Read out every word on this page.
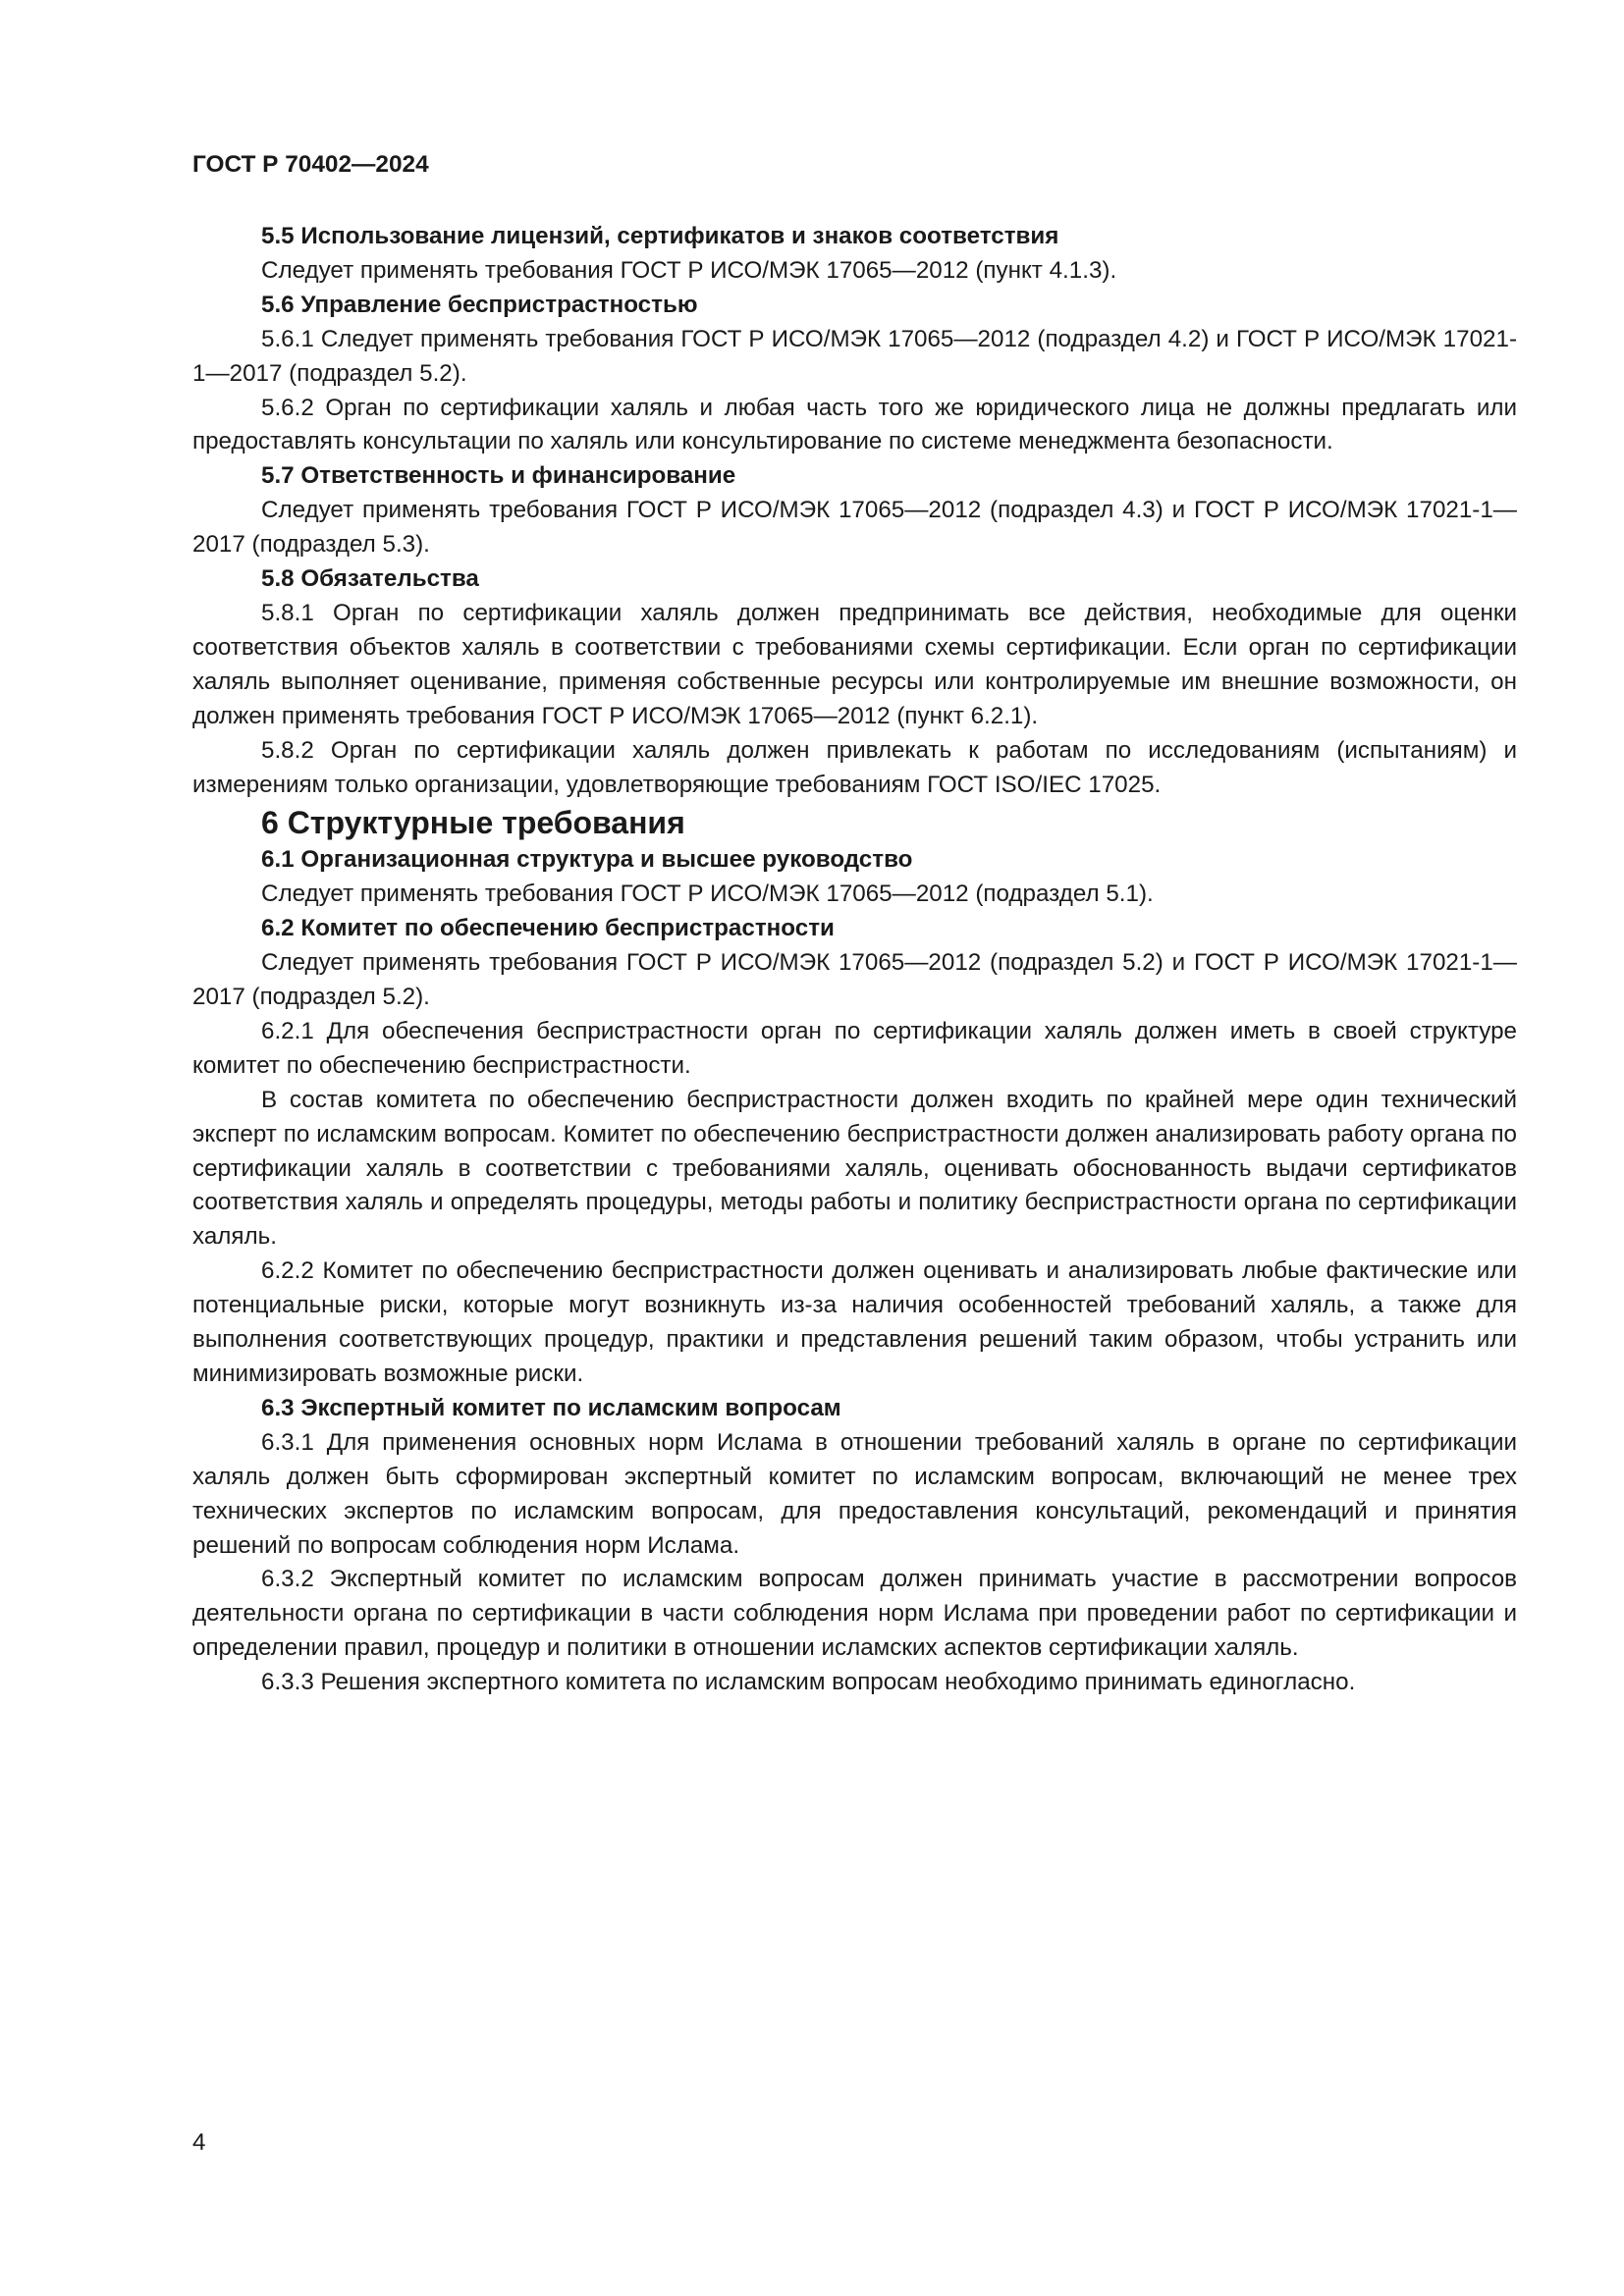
ГОСТ Р 70402—2024

5.5 Использование лицензий, сертификатов и знаков соответствия

Следует применять требования ГОСТ Р ИСО/МЭК 17065—2012 (пункт 4.1.3).

5.6 Управление беспристрастностью

5.6.1 Следует применять требования ГОСТ Р ИСО/МЭК 17065—2012 (подраздел 4.2) и ГОСТ Р ИСО/МЭК 17021-1—2017 (подраздел 5.2).

5.6.2 Орган по сертификации халяль и любая часть того же юридического лица не должны предлагать или предоставлять консультации по халяль или консультирование по системе менеджмента безопасности.

5.7 Ответственность и финансирование

Следует применять требования ГОСТ Р ИСО/МЭК 17065—2012 (подраздел 4.3) и ГОСТ Р ИСО/МЭК 17021-1—2017 (подраздел 5.3).

5.8 Обязательства

5.8.1 Орган по сертификации халяль должен предпринимать все действия, необходимые для оценки соответствия объектов халяль в соответствии с требованиями схемы сертификации. Если орган по сертификации халяль выполняет оценивание, применяя собственные ресурсы или контролируемые им внешние возможности, он должен применять требования ГОСТ Р ИСО/МЭК 17065—2012 (пункт 6.2.1).

5.8.2 Орган по сертификации халяль должен привлекать к работам по исследованиям (испытаниям) и измерениям только организации, удовлетворяющие требованиям ГОСТ ISO/IEC 17025.

6 Структурные требования
6.1 Организационная структура и высшее руководство

Следует применять требования ГОСТ Р ИСО/МЭК 17065—2012 (подраздел 5.1).

6.2 Комитет по обеспечению беспристрастности

Следует применять требования ГОСТ Р ИСО/МЭК 17065—2012 (подраздел 5.2) и ГОСТ Р ИСО/МЭК 17021-1—2017 (подраздел 5.2).

6.2.1 Для обеспечения беспристрастности орган по сертификации халяль должен иметь в своей структуре комитет по обеспечению беспристрастности.

В состав комитета по обеспечению беспристрастности должен входить по крайней мере один технический эксперт по исламским вопросам. Комитет по обеспечению беспристрастности должен анализировать работу органа по сертификации халяль в соответствии с требованиями халяль, оценивать обоснованность выдачи сертификатов соответствия халяль и определять процедуры, методы работы и политику беспристрастности органа по сертификации халяль.

6.2.2 Комитет по обеспечению беспристрастности должен оценивать и анализировать любые фактические или потенциальные риски, которые могут возникнуть из-за наличия особенностей требований халяль, а также для выполнения соответствующих процедур, практики и представления решений таким образом, чтобы устранить или минимизировать возможные риски.

6.3 Экспертный комитет по исламским вопросам

6.3.1 Для применения основных норм Ислама в отношении требований халяль в органе по сертификации халяль должен быть сформирован экспертный комитет по исламским вопросам, включающий не менее трех технических экспертов по исламским вопросам, для предоставления консультаций, рекомендаций и принятия решений по вопросам соблюдения норм Ислама.

6.3.2 Экспертный комитет по исламским вопросам должен принимать участие в рассмотрении вопросов деятельности органа по сертификации в части соблюдения норм Ислама при проведении работ по сертификации и определении правил, процедур и политики в отношении исламских аспектов сертификации халяль.

6.3.3 Решения экспертного комитета по исламским вопросам необходимо принимать единогласно.

4
